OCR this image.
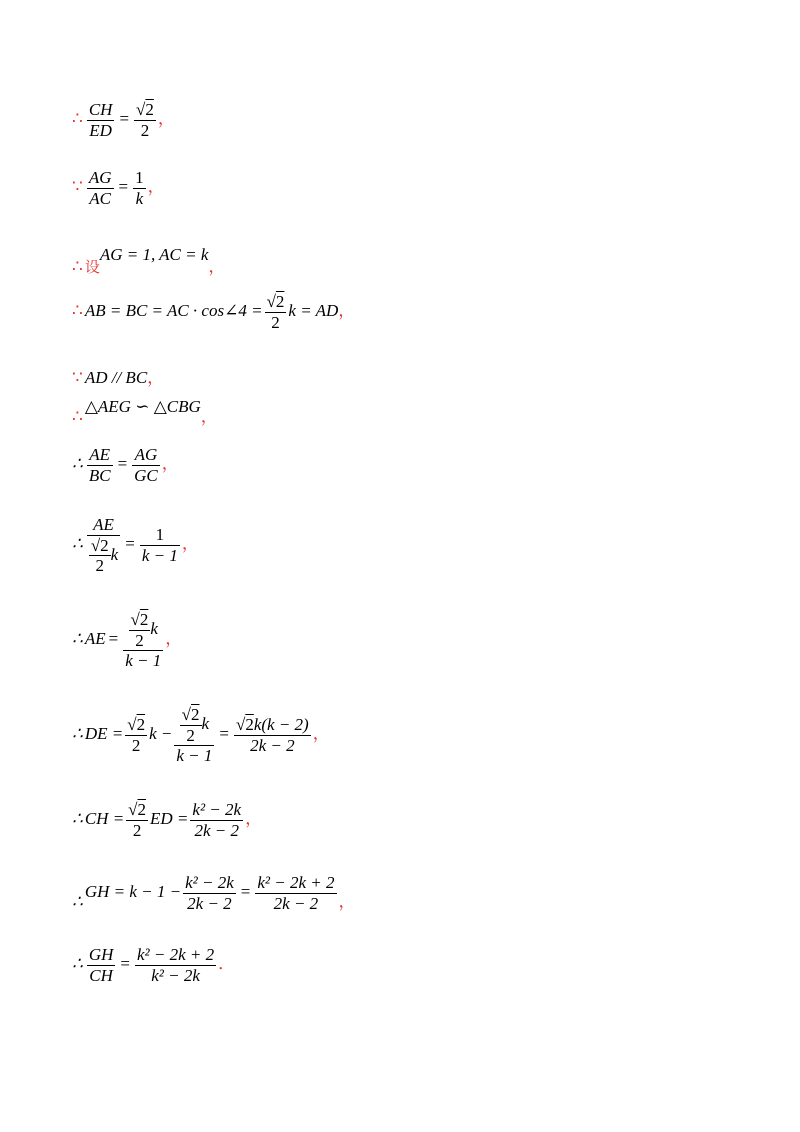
∴ $\frac{CH}{ED} = \frac{√2}{2}$ ，
∵ $\frac{AG}{AC} = \frac{1}{k}$ ，
∴ 设AG = 1, AC = k，
∴ AB = BC = AC · cos∠4 = $\frac{√2}{2}$ k = AD，
∵ AD // BC，
∴△AEG ∽ △CBG，
∴ $\frac{AE}{BC} = \frac{AG}{GC}$ ，
∴ $\frac{AE}{\frac{√2}{2} k} = \frac{1}{k - 1}$ ，
∴ AE = $\frac{\frac{√2}{2} k}{k - 1}$ ，
∴ DE = $\frac{√2}{2}$ $k - \frac{\frac{√2}{2} k}{k - 1} = \frac{√2k(k - 2)}{2k - 2}$ ，
∴ CH = $\frac{√2}{2}$ ED = $\frac{\text{k² − 2k}}{2k - 2}$ ，
∴GH = $k - 1 - \frac{\text{k² − 2k}}{2k - 2} = \frac{\text{k² − 2k + 2}}{2k - 2}$ ，
∴ $\frac{GH}{CH} = \frac{\text{k² − 2k + 2}}{\text{k² − 2k}}$ ．
